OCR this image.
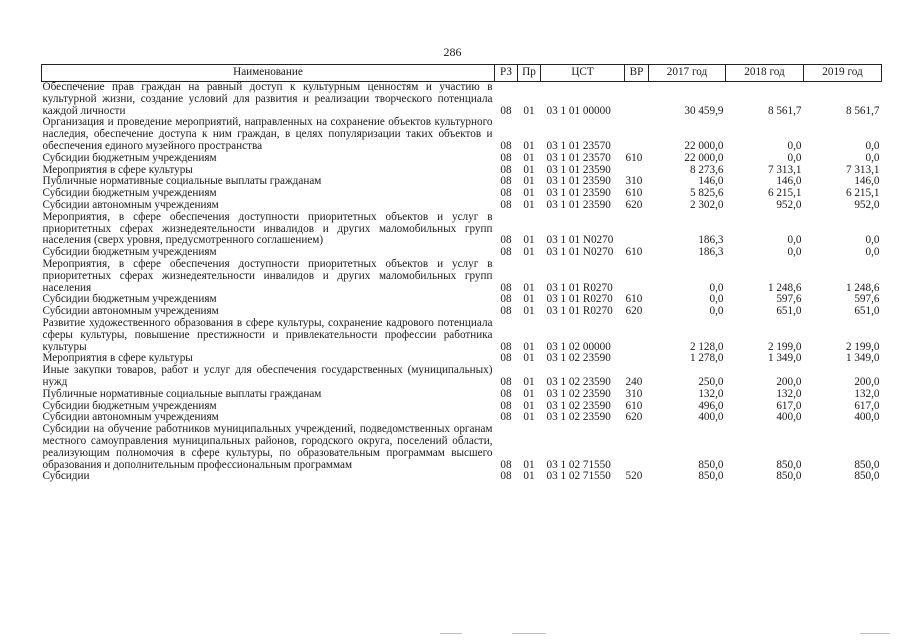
286
Наименование	РЗ	Пр	ЦСТ	ВР	2017 год	2018 год	2019 год
Обеспечение прав граждан на равный доступ к культурным ценностям и участию в культурной жизни, создание условий для развития и реализации творческого потенциала каждой личности	08	01	03 1 01 00000		30 459,9	8 561,7	8 561,7
Организация и проведение мероприятий, направленных на сохранение объектов культурного наследия, обеспечение доступа к ним граждан, в целях популяризации таких объектов и обеспечения единого музейного пространства	08	01	03 1 01 23570		22 000,0	0,0	0,0
Субсидии бюджетным учреждениям	08	01	03 1 01 23570	610	22 000,0	0,0	0,0
Мероприятия в сфере культуры	08	01	03 1 01 23590		8 273,6	7 313,1	7 313,1
Публичные нормативные социальные выплаты гражданам	08	01	03 1 01 23590	310	146,0	146,0	146,0
Субсидии бюджетным учреждениям	08	01	03 1 01 23590	610	5 825,6	6 215,1	6 215,1
Субсидии автономным учреждениям	08	01	03 1 01 23590	620	2 302,0	952,0	952,0
Мероприятия, в сфере обеспечения доступности приоритетных объектов и услуг в приоритетных сферах жизнедеятельности инвалидов и других маломобильных групп населения (сверх уровня, предусмотренного соглашением)	08	01	03 1 01 N0270		186,3	0,0	0,0
Субсидии бюджетным учреждениям	08	01	03 1 01 N0270	610	186,3	0,0	0,0
Мероприятия, в сфере обеспечения доступности приоритетных объектов и услуг в приоритетных сферах жизнедеятельности инвалидов и других маломобильных групп населения	08	01	03 1 01 R0270		0,0	1 248,6	1 248,6
Субсидии бюджетным учреждениям	08	01	03 1 01 R0270	610	0,0	597,6	597,6
Субсидии автономным учреждениям	08	01	03 1 01 R0270	620	0,0	651,0	651,0
Развитие художественного образования в сфере культуры, сохранение кадрового потенциала сферы культуры, повышение престижности и привлекательности профессии работника культуры	08	01	03 1 02 00000		2 128,0	2 199,0	2 199,0
Мероприятия в сфере культуры	08	01	03 1 02 23590		1 278,0	1 349,0	1 349,0
Иные закупки товаров, работ и услуг для обеспечения государственных (муниципальных) нужд	08	01	03 1 02 23590	240	250,0	200,0	200,0
Публичные нормативные социальные выплаты гражданам	08	01	03 1 02 23590	310	132,0	132,0	132,0
Субсидии бюджетным учреждениям	08	01	03 1 02 23590	610	496,0	617,0	617,0
Субсидии автономным учреждениям	08	01	03 1 02 23590	620	400,0	400,0	400,0
Субсидии на обучение работников муниципальных учреждений, подведомственных органам местного самоуправления муниципальных районов, городского округа, поселений области, реализующим полномочия в сфере культуры, по образовательным программам высшего образования и дополнительным профессиональным программам	08	01	03 1 02 71550		850,0	850,0	850,0
Субсидии	08	01	03 1 02 71550	520	850,0	850,0	850,0
